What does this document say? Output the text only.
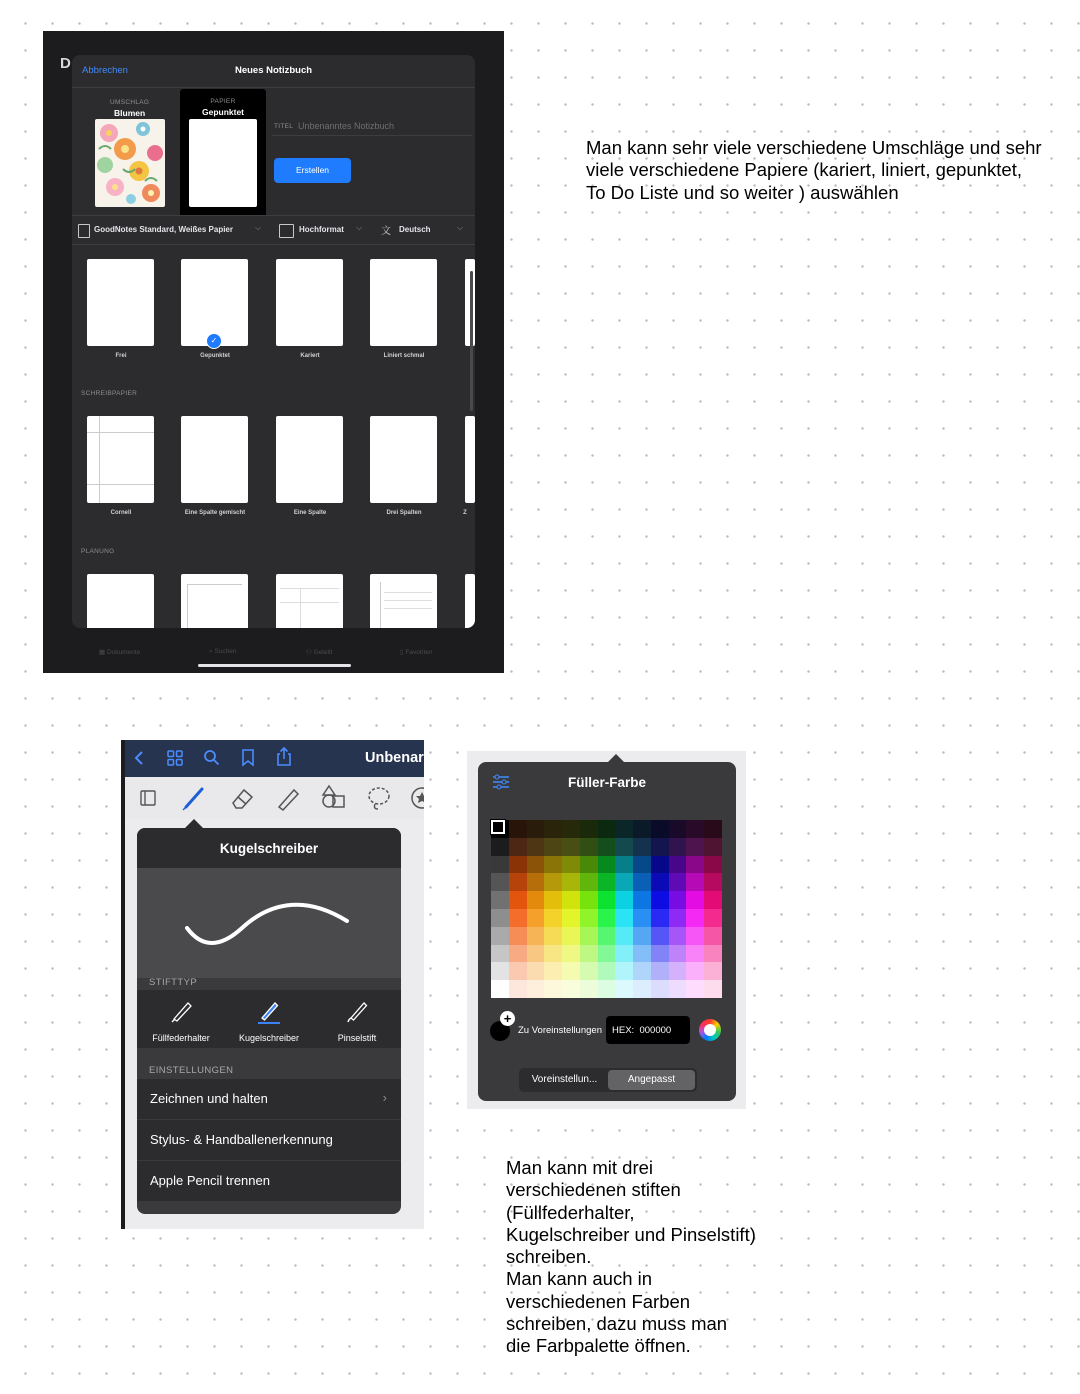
D Abbrechen	Neues Notizbuch
UMSCHLAG
Blumen
PAPIER
Gepunktet
TITEL Unbenanntes Notizbuch
Erstellen
GoodNotes Standard, Weißes Papier	⌵	Hochformat ⌵ 文 Deutsch	⌵
✓
Frei	Gepunktet	Kariert	Liniert schmal
SCHREIBPAPIER
Cornell	Eine Spalte gemischt	Eine Spalte	Drei Spalten	Z
PLANUNG
▦ Dokumente	⌕ Suchen	⚇ Geteilt	▯ Favoriten
Man kann sehr viele verschiedene Umschläge und sehr viele verschiedene Papiere (kariert, liniert, gepunktet, To Do Liste und so weiter ) auswählen
Unbenar
Kugelschreiber
STIFTTYP
Füllfederhalter	Kugelschreiber	Pinselstift
EINSTELLUNGEN
Zeichnen und halten	›
Stylus- & Handballenerkennung
Apple Pencil trennen
Füller-Farbe
+
Zu Voreinstellungen	HEX: 000000
Voreinstellun...	Angepasst
Man kann mit drei
verschiedenen stiften
(Füllfederhalter,
Kugelschreiber und Pinselstift)
schreiben.
Man kann auch in
verschiedenen Farben
schreiben, dazu muss man
die Farbpalette öffnen.
